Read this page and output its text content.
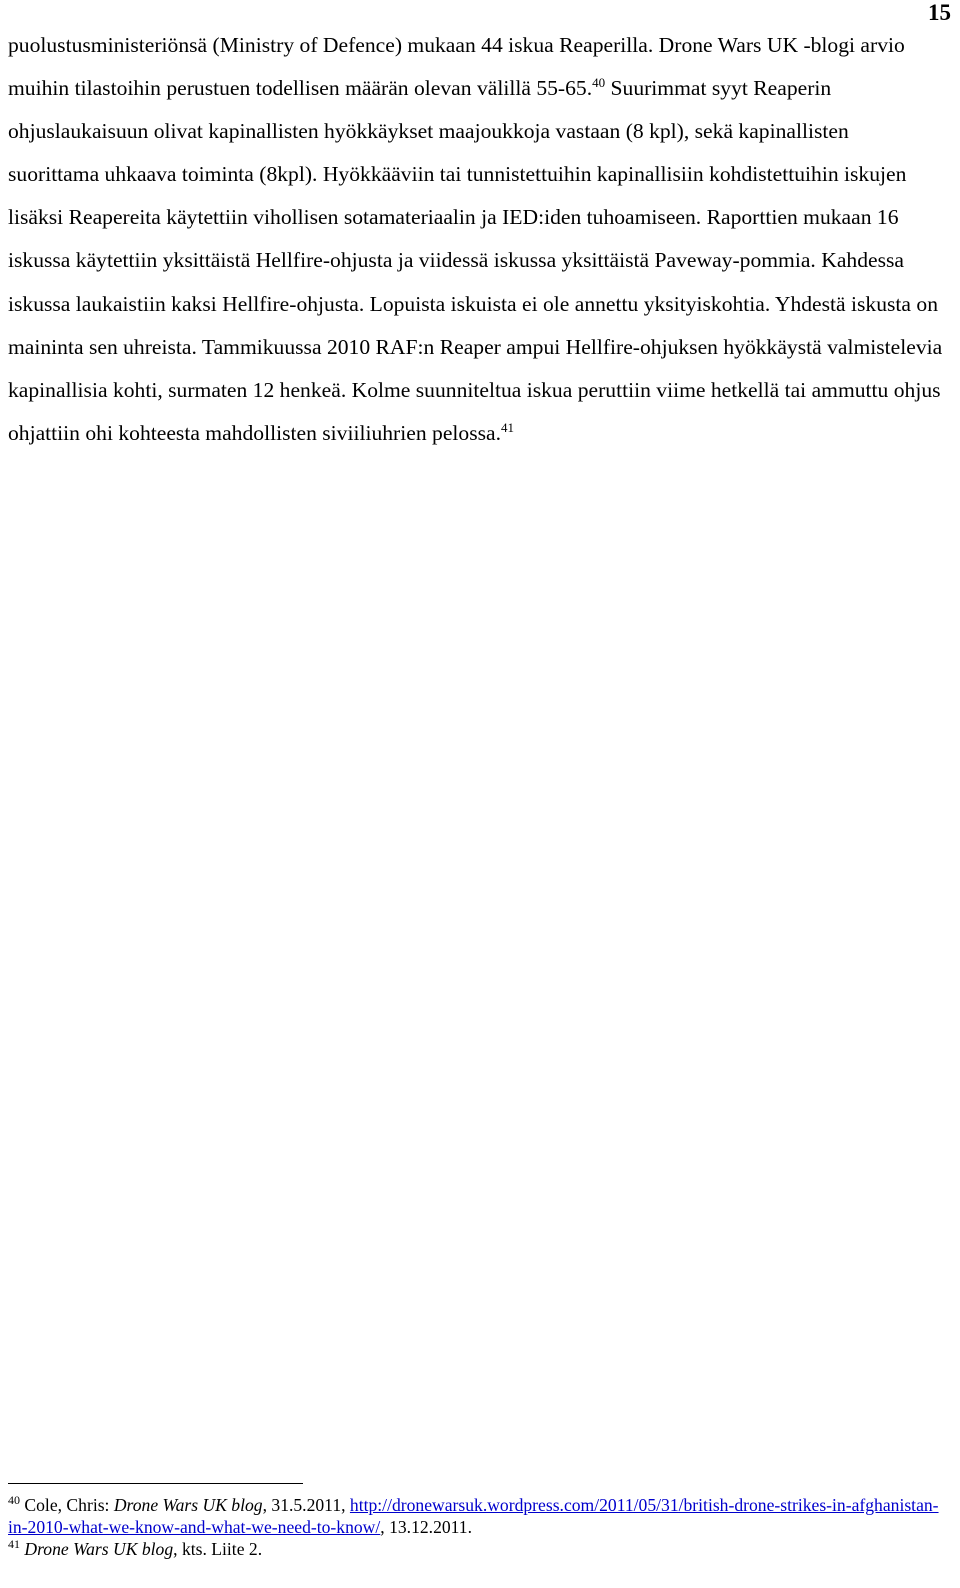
15

puolustusministeriönsä (Ministry of Defence) mukaan 44 iskua Reaperilla. Drone Wars UK -blogi arvio muihin tilastoihin perustuen todellisen määrän olevan välillä 55-65.40 Suurimmat syyt Reaperin ohjuslaukaisuun olivat kapinallisten hyökkäykset maajoukkoja vastaan (8 kpl), sekä kapinallisten suorittama uhkaava toiminta (8kpl). Hyökkääviin tai tunnistettuihin kapinallisiin kohdistettuihin iskujen lisäksi Reapereita käytettiin vihollisen sotamateriaalin ja IED:iden tuhoamiseen. Raporttien mukaan 16 iskussa käytettiin yksittäistä Hellfire-ohjusta ja viidessä iskussa yksittäistä Paveway-pommia. Kahdessa iskussa laukaistiin kaksi Hellfire-ohjusta. Lopuista iskuista ei ole annettu yksityiskohtia. Yhdestä iskusta on maininta sen uhreista. Tammikuussa 2010 RAF:n Reaper ampui Hellfire-ohjuksen hyökkäystä valmistelevia kapinallisia kohti, surmaten 12 henkeä. Kolme suunniteltua iskua peruttiin viime hetkellä tai ammuttu ohjus ohjattiin ohi kohteesta mahdollisten siviiliuhrien pelossa.$^{41}$

$^{40}$ Cole, Chris: Drone Wars UK blog, 31.5.2011, http://dronewarsuk.wordpress.com/2011/05/31/british-drone-strikes-in-afghanistan-in-2010-what-we-know-and-what-we-need-to-know/, 13.12.2011.

$^{41}$ Drone Wars UK blog, kts. Liite 2.
